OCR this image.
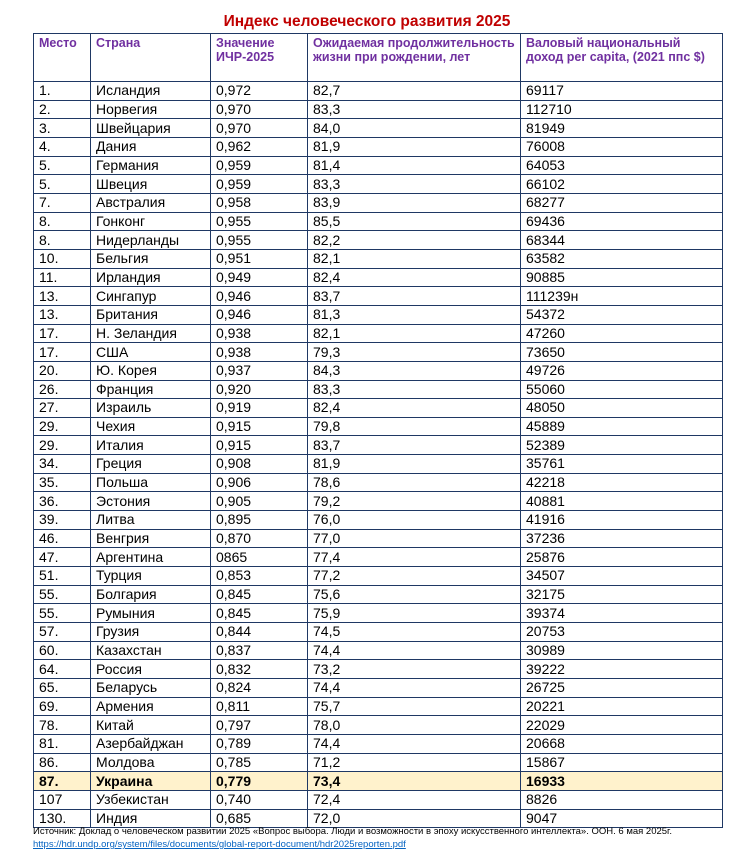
Индекс человеческого развития 2025
Место	Страна	Значение ИЧР-2025	Ожидаемая продолжительность жизни при рождении, лет	Валовый национальный доход per capita, (2021 ппс $)
1.	Исландия	0,972	82,7	69117
2.	Норвегия	0,970	83,3	112710
3.	Швейцария	0,970	84,0	81949
4.	Дания	0,962	81,9	76008
5.	Германия	0,959	81,4	64053
5.	Швеция	0,959	83,3	66102
7.	Австралия	0,958	83,9	68277
8.	Гонконг	0,955	85,5	69436
8.	Нидерланды	0,955	82,2	68344
10.	Бельгия	0,951	82,1	63582
11.	Ирландия	0,949	82,4	90885
13.	Сингапур	0,946	83,7	111239н
13.	Британия	0,946	81,3	54372
17.	Н. Зеландия	0,938	82,1	47260
17.	США	0,938	79,3	73650
20.	Ю. Корея	0,937	84,3	49726
26.	Франция	0,920	83,3	55060
27.	Израиль	0,919	82,4	48050
29.	Чехия	0,915	79,8	45889
29.	Италия	0,915	83,7	52389
34.	Греция	0,908	81,9	35761
35.	Польша	0,906	78,6	42218
36.	Эстония	0,905	79,2	40881
39.	Литва	0,895	76,0	41916
46.	Венгрия	0,870	77,0	37236
47.	Аргентина	0865	77,4	25876
51.	Турция	0,853	77,2	34507
55.	Болгария	0,845	75,6	32175
55.	Румыния	0,845	75,9	39374
57.	Грузия	0,844	74,5	20753
60.	Казахстан	0,837	74,4	30989
64.	Россия	0,832	73,2	39222
65.	Беларусь	0,824	74,4	26725
69.	Армения	0,811	75,7	20221
78.	Китай	0,797	78,0	22029
81.	Азербайджан	0,789	74,4	20668
86.	Молдова	0,785	71,2	15867
87.	Украина	0,779	73,4	16933
107	Узбекистан	0,740	72,4	8826
130.	Индия	0,685	72,0	9047
Источник: Доклад о человеческом развитии 2025 «Вопрос выбора. Люди и возможности в эпоху искусственного интеллекта». ООН. 6 мая 2025г. https://hdr.undp.org/system/files/documents/global-report-document/hdr2025reporten.pdf
